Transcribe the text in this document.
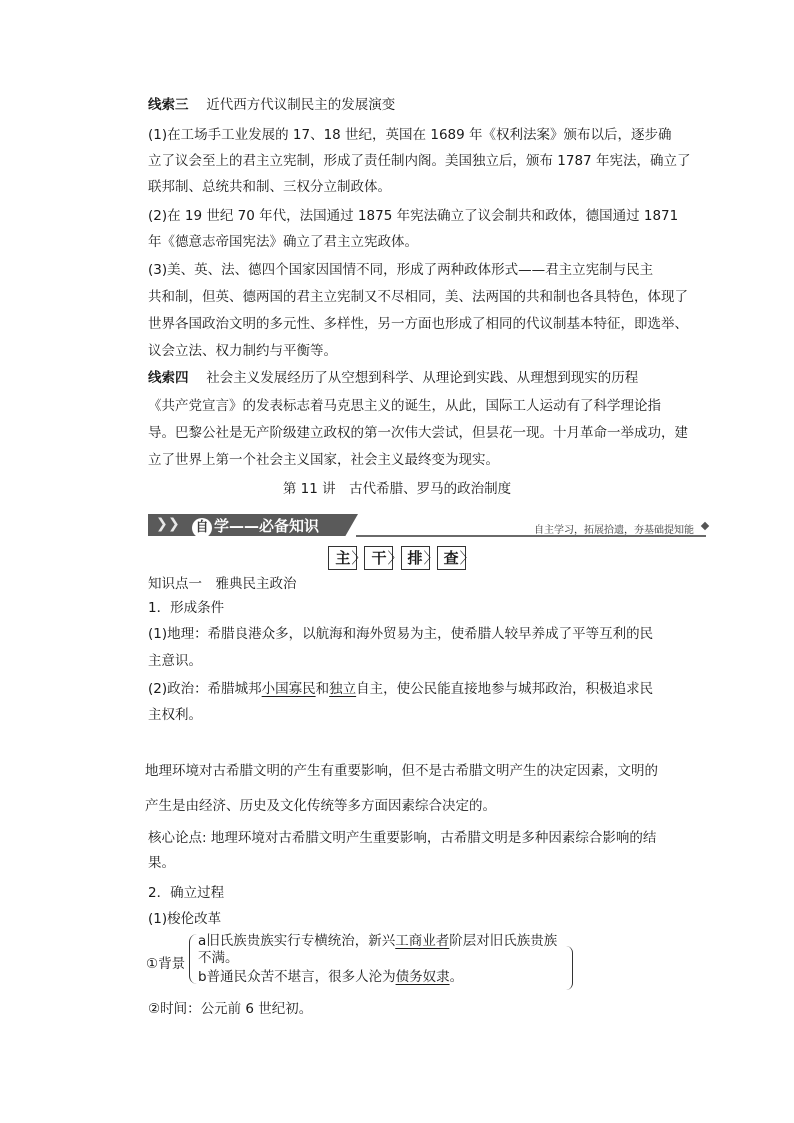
线索三　 近代西方代议制民主的发展演变
(1)在工场手工业发展的 17、18 世纪，英国在 1689 年《权利法案》颁布以后，逐步确
立了议会至上的君主立宪制，形成了责任制内阁。美国独立后，颁布 1787 年宪法，确立了
联邦制、总统共和制、三权分立制政体。
(2)在 19 世纪 70 年代，法国通过 1875 年宪法确立了议会制共和政体，德国通过 1871
年《德意志帝国宪法》确立了君主立宪政体。
(3)美、英、法、德四个国家因国情不同，形成了两种政体形式——君主立宪制与民主
共和制，但英、德两国的君主立宪制又不尽相同，美、法两国的共和制也各具特色，体现了
世界各国政治文明的多元性、多样性，另一方面也形成了相同的代议制基本特征，即选举、
议会立法、权力制约与平衡等。
线索四　 社会主义发展经历了从空想到科学、从理论到实践、从理想到现实的历程
《共产党宣言》的发表标志着马克思主义的诞生，从此，国际工人运动有了科学理论指
导。巴黎公社是无产阶级建立政权的第一次伟大尝试，但昙花一现。十月革命一举成功，建
立了世界上第一个社会主义国家，社会主义最终变为现实。
第 11 讲　古代希腊、罗马的政治制度
❯ ❯ 自 学——必备知识	自主学习，拓展拾遗，夯基础提知能
主 〉 干 〉 排 〉 查 〉
知识点一　雅典民主政治
1．形成条件
(1)地理：希腊良港众多，以航海和海外贸易为主，使希腊人较早养成了平等互利的民
主意识。
(2)政治：希腊城邦小国寡民和独立自主，使公民能直接地参与城邦政治，积极追求民
主权利。
地理环境对古希腊文明的产生有重要影响，但不是古希腊文明产生的决定因素，文明的
产生是由经济、历史及文化传统等多方面因素综合决定的。
核心论点: 地理环境对古希腊文明产生重要影响，古希腊文明是多种因素综合影响的结
果。
2．确立过程
(1)梭伦改革
①背景
a旧氏族贵族实行专横统治，新兴工商业者阶层对旧氏族贵族
不满。
b普通民众苦不堪言，很多人沦为债务奴隶。
②时间：公元前 6 世纪初。
